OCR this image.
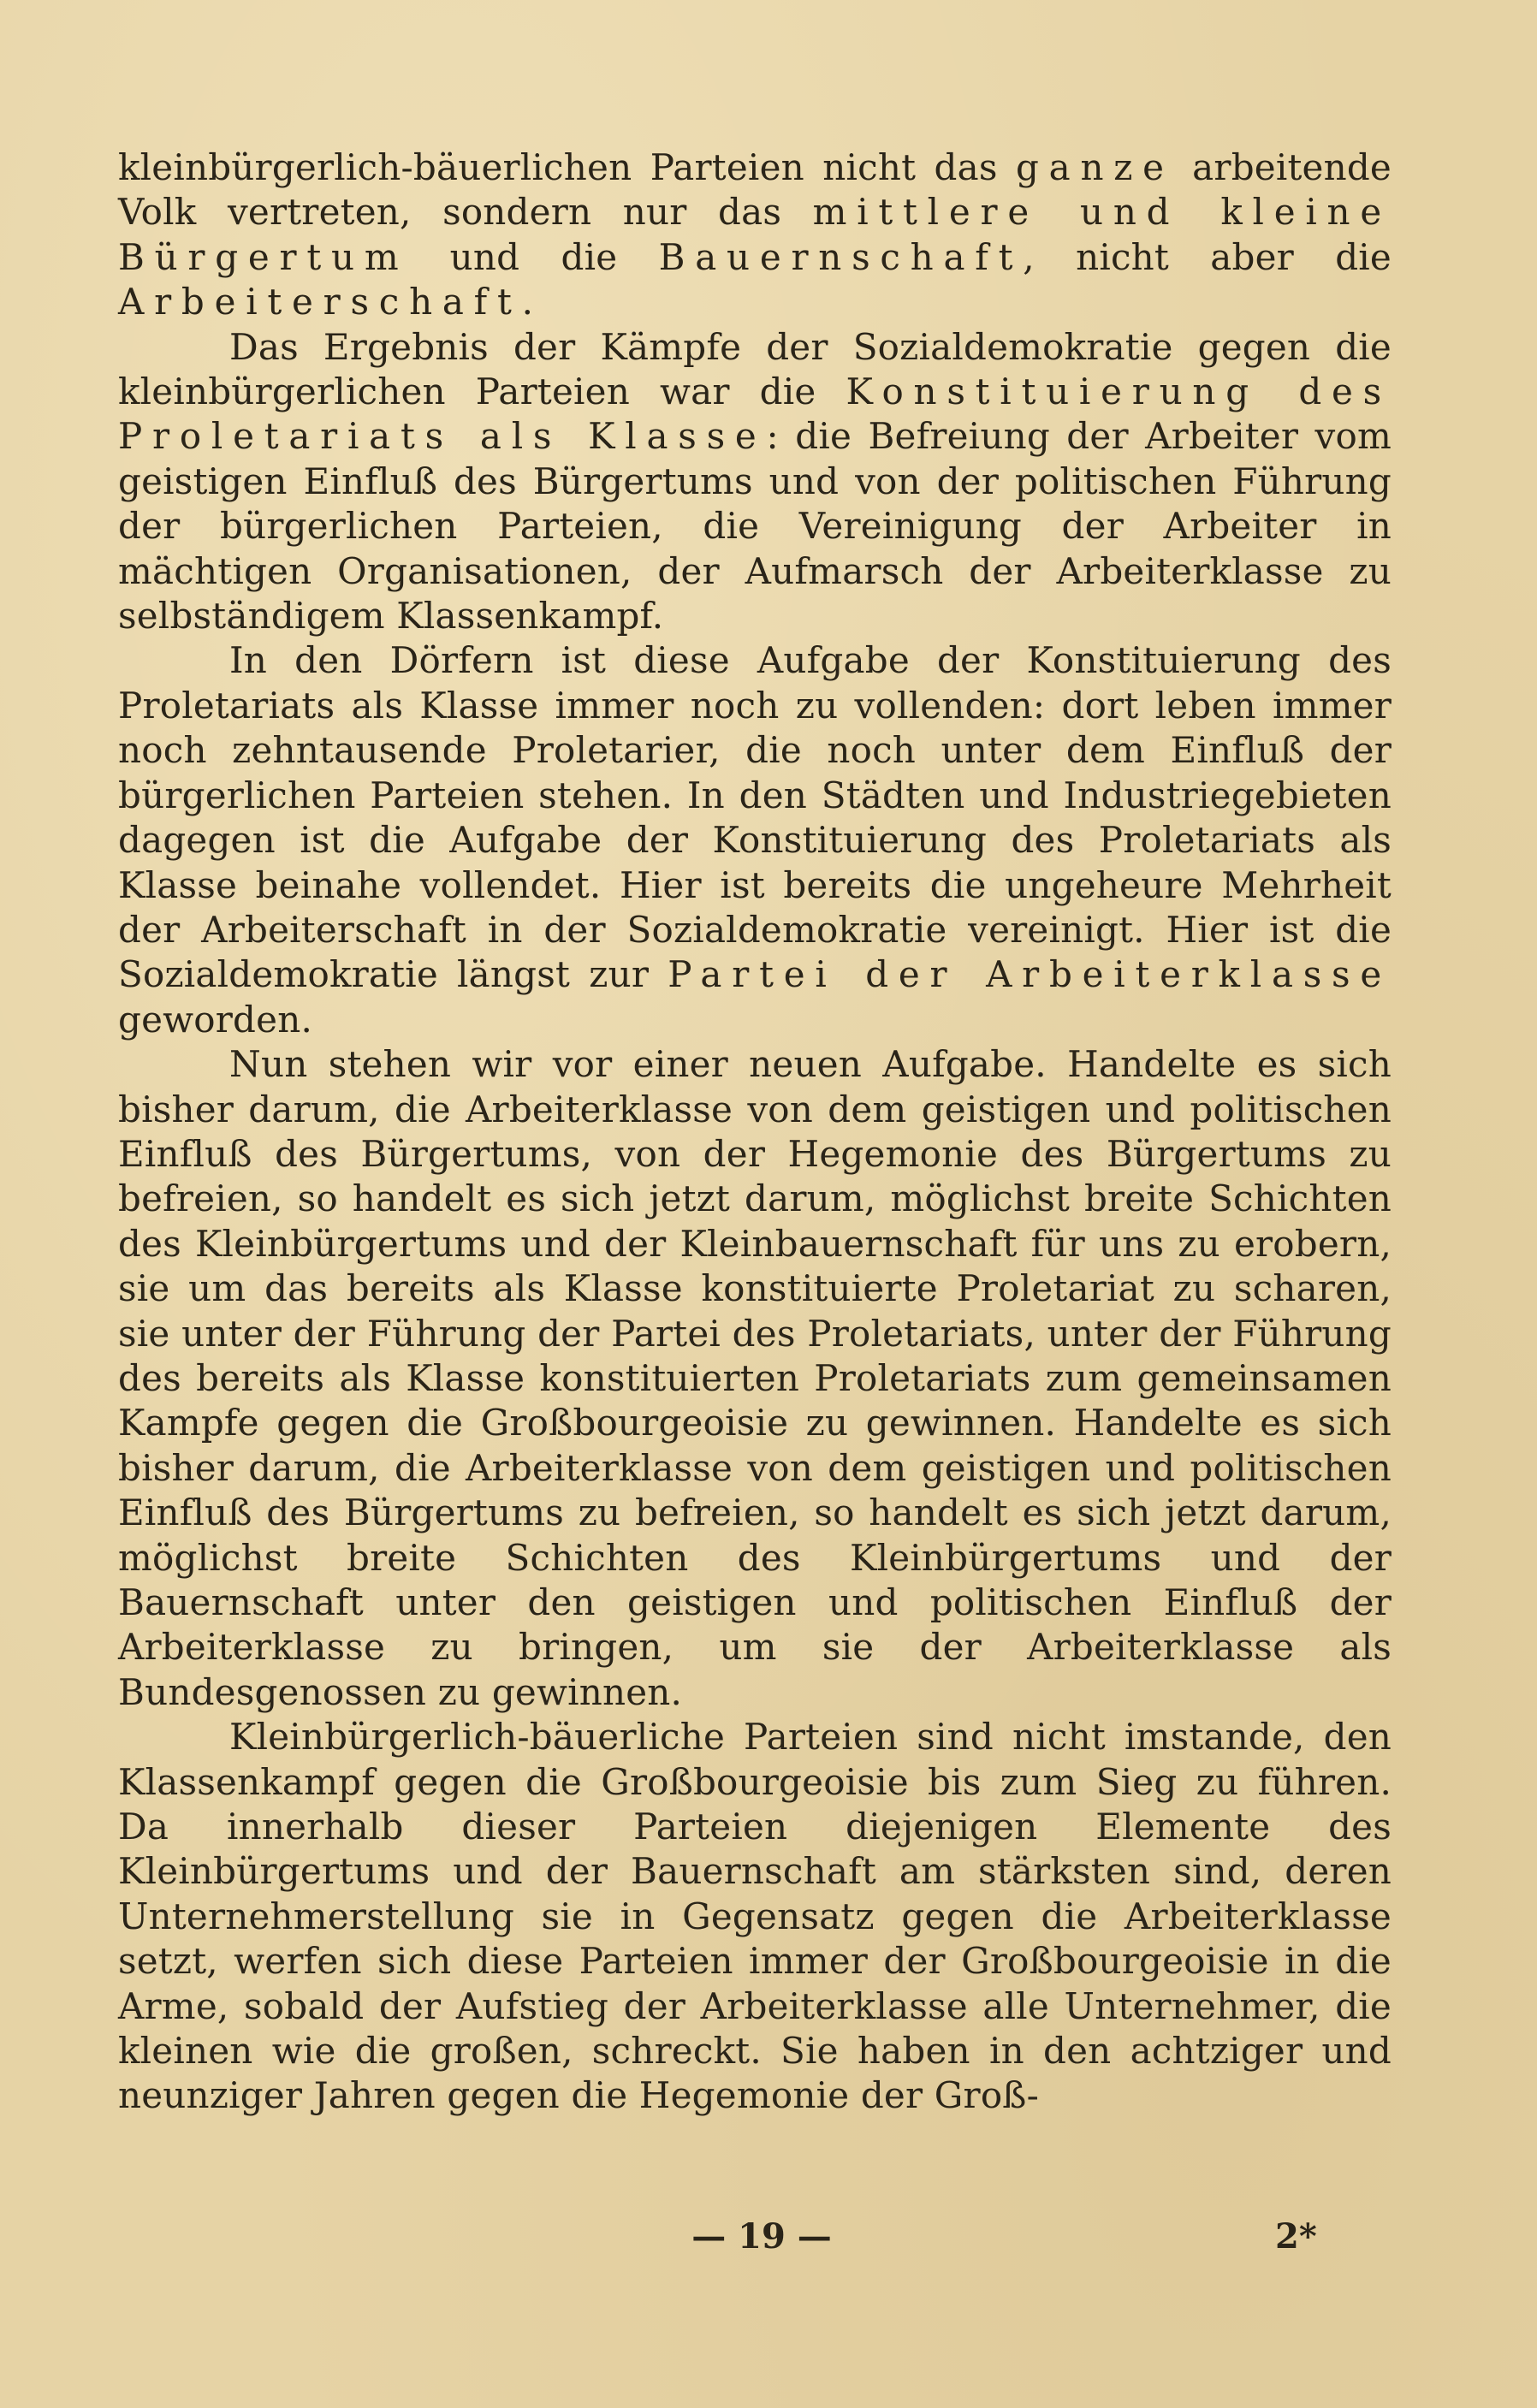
kleinbürgerlich-bäuerlichen Parteien nicht das ganze arbeitende Volk vertreten, sondern nur das mittlere und kleine Bürgertum und die Bauernschaft, nicht aber die Arbeiterschaft.

Das Ergebnis der Kämpfe der Sozialdemokratie gegen die kleinbürgerlichen Parteien war die Konstituierung des Proletariats als Klasse: die Befreiung der Arbeiter vom geistigen Einfluß des Bürgertums und von der politischen Führung der bürgerlichen Parteien, die Vereinigung der Arbeiter in mächtigen Organisationen, der Aufmarsch der Arbeiterklasse zu selbständigem Klassenkampf.

In den Dörfern ist diese Aufgabe der Konstituierung des Proletariats als Klasse immer noch zu vollenden: dort leben immer noch zehntausende Proletarier, die noch unter dem Einfluß der bürgerlichen Parteien stehen. In den Städten und Industriegebieten dagegen ist die Aufgabe der Konstituierung des Proletariats als Klasse beinahe vollendet. Hier ist bereits die ungeheure Mehrheit der Arbeiterschaft in der Sozialdemokratie vereinigt. Hier ist die Sozialdemokratie längst zur Partei der Arbeiterklasse geworden.

Nun stehen wir vor einer neuen Aufgabe. Handelte es sich bisher darum, die Arbeiterklasse von dem geistigen und politischen Einfluß des Bürgertums, von der Hegemonie des Bürgertums zu befreien, so handelt es sich jetzt darum, möglichst breite Schichten des Kleinbürgertums und der Kleinbauernschaft für uns zu erobern, sie um das bereits als Klasse konstituierte Proletariat zu scharen, sie unter der Führung der Partei des Proletariats, unter der Führung des bereits als Klasse konstituierten Proletariats zum gemeinsamen Kampfe gegen die Großbourgeoisie zu gewinnen. Handelte es sich bisher darum, die Arbeiterklasse von dem geistigen und politischen Einfluß des Bürgertums zu befreien, so handelt es sich jetzt darum, möglichst breite Schichten des Kleinbürgertums und der Bauernschaft unter den geistigen und politischen Einfluß der Arbeiterklasse zu bringen, um sie der Arbeiterklasse als Bundesgenossen zu gewinnen.

Kleinbürgerlich-bäuerliche Parteien sind nicht imstande, den Klassenkampf gegen die Großbourgeoisie bis zum Sieg zu führen. Da innerhalb dieser Parteien diejenigen Elemente des Kleinbürgertums und der Bauernschaft am stärksten sind, deren Unternehmerstellung sie in Gegensatz gegen die Arbeiterklasse setzt, werfen sich diese Parteien immer der Großbourgeoisie in die Arme, sobald der Aufstieg der Arbeiterklasse alle Unternehmer, die kleinen wie die großen, schreckt. Sie haben in den achtziger und neunziger Jahren gegen die Hegemonie der Groß-

— 19 —	2*
